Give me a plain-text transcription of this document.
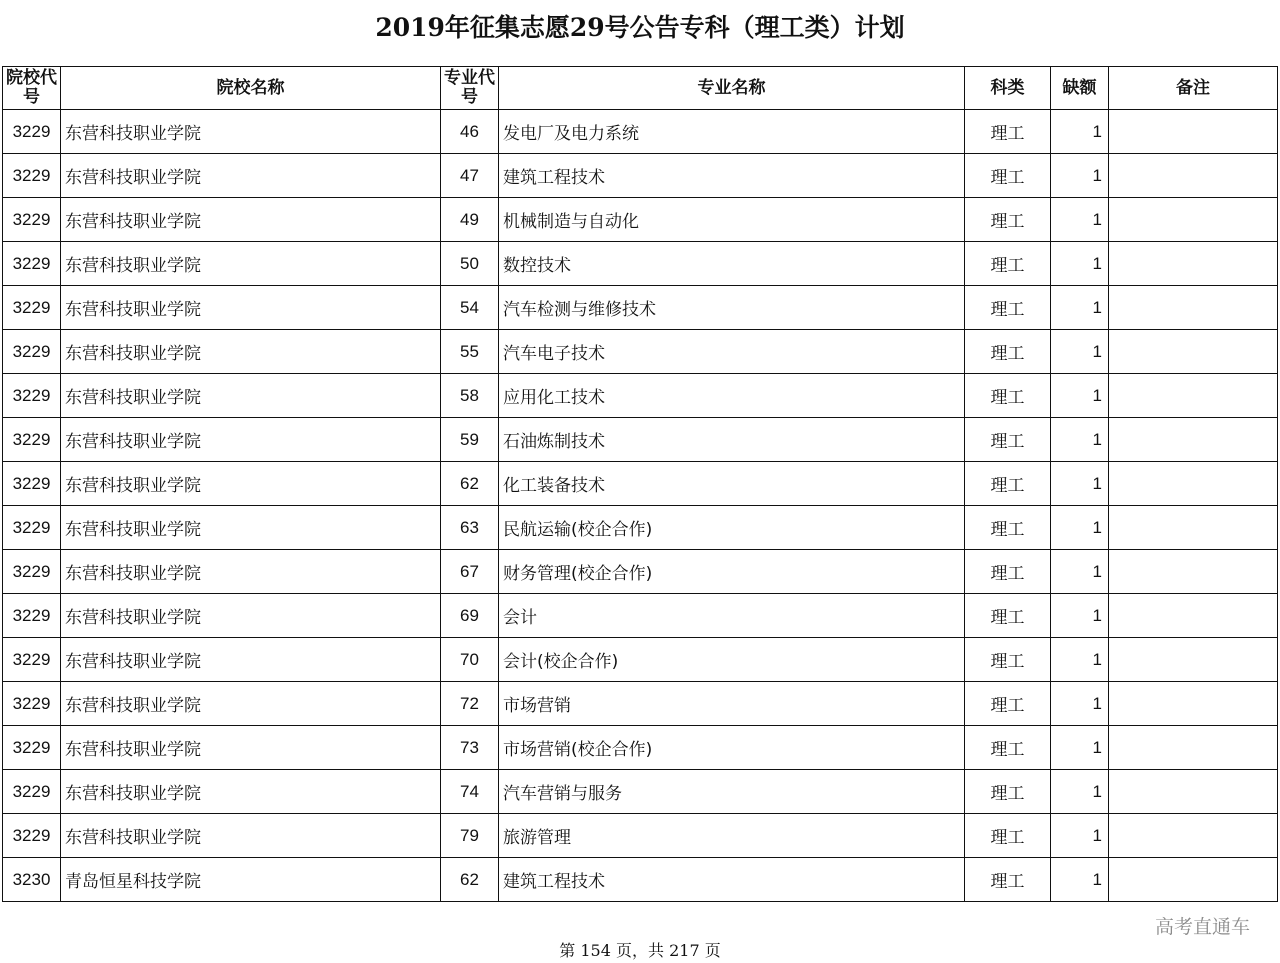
2019年征集志愿29号公告专科（理工类）计划
院校代号	院校名称	专业代号	专业名称	科类	缺额	备注
3229	东营科技职业学院	46	发电厂及电力系统	理工	1	
3229	东营科技职业学院	47	建筑工程技术	理工	1	
3229	东营科技职业学院	49	机械制造与自动化	理工	1	
3229	东营科技职业学院	50	数控技术	理工	1	
3229	东营科技职业学院	54	汽车检测与维修技术	理工	1	
3229	东营科技职业学院	55	汽车电子技术	理工	1	
3229	东营科技职业学院	58	应用化工技术	理工	1	
3229	东营科技职业学院	59	石油炼制技术	理工	1	
3229	东营科技职业学院	62	化工装备技术	理工	1	
3229	东营科技职业学院	63	民航运输(校企合作)	理工	1	
3229	东营科技职业学院	67	财务管理(校企合作)	理工	1	
3229	东营科技职业学院	69	会计	理工	1	
3229	东营科技职业学院	70	会计(校企合作)	理工	1	
3229	东营科技职业学院	72	市场营销	理工	1	
3229	东营科技职业学院	73	市场营销(校企合作)	理工	1	
3229	东营科技职业学院	74	汽车营销与服务	理工	1	
3229	东营科技职业学院	79	旅游管理	理工	1	
3230	青岛恒星科技学院	62	建筑工程技术	理工	1	
高考直通车
第 154 页，共 217 页
